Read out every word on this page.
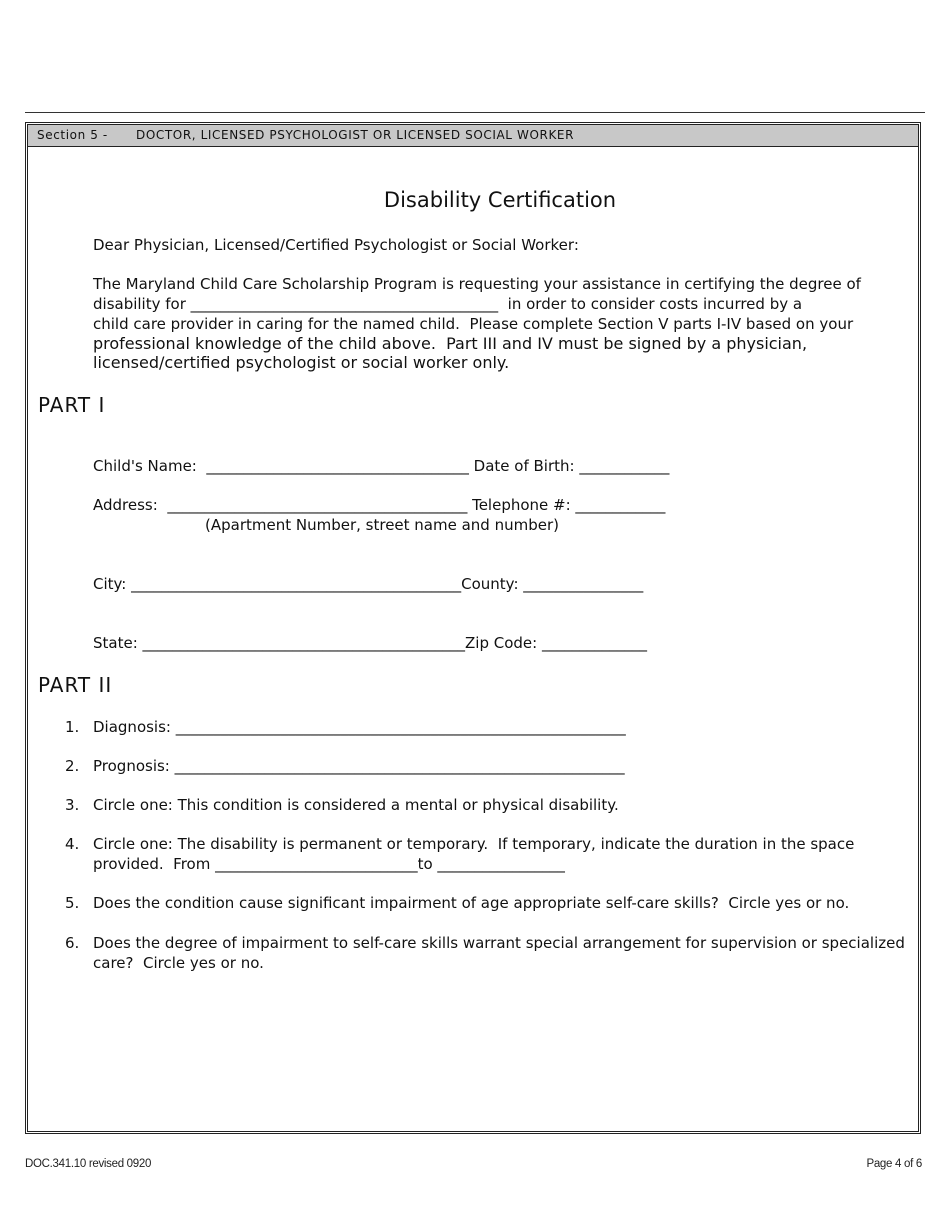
Section 5 - DOCTOR, LICENSED PSYCHOLOGIST OR LICENSED SOCIAL WORKER
Disability Certification
Dear Physician, Licensed/Certified Psychologist or Social Worker:
The Maryland Child Care Scholarship Program is requesting your assistance in certifying the degree of
disability for _________________________________________  in order to consider costs incurred by a
child care provider in caring for the named child.  Please complete Section V parts I-IV based on your
professional knowledge of the child above.  Part III and IV must be signed by a physician,
licensed/certified psychologist or social worker only.
PART I
Child's Name:  ___________________________________ Date of Birth: ____________
Address:  ________________________________________ Telephone #: ____________
(Apartment Number, street name and number)
City: ____________________________________________County: ________________
State: ___________________________________________Zip Code: ______________
PART II
1. Diagnosis: ____________________________________________________________
2. Prognosis: ____________________________________________________________
3. Circle one: This condition is considered a mental or physical disability.
4. Circle one: The disability is permanent or temporary.  If temporary, indicate the duration in the space
provided.  From ___________________________to _________________
5. Does the condition cause significant impairment of age appropriate self-care skills?  Circle yes or no.
6. Does the degree of impairment to self-care skills warrant special arrangement for supervision or specialized
care?  Circle yes or no.
DOC.341.10 revised 0920	Page 4 of 6
